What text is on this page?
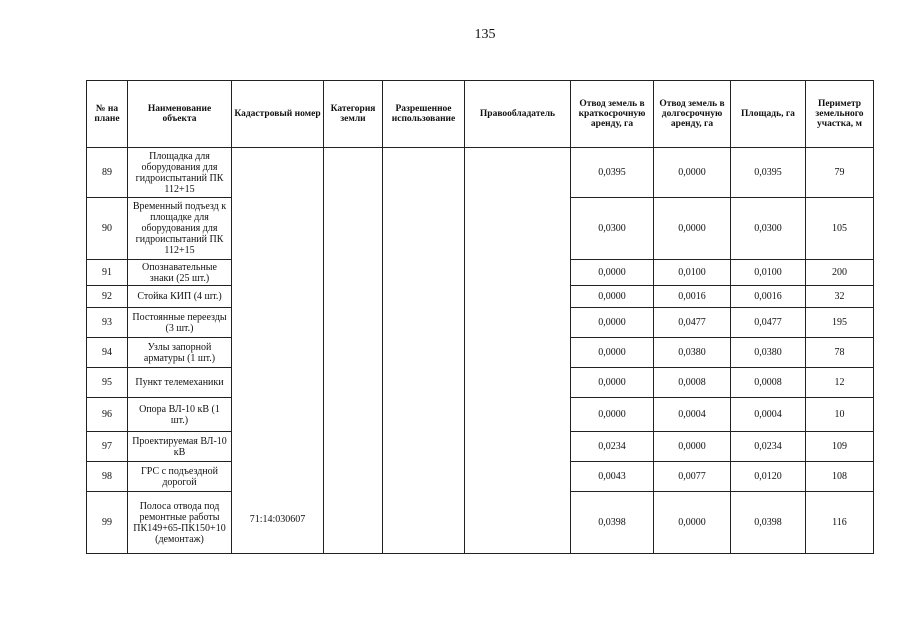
135
№ на плане	Наименование объекта	Кадастровый номер	Категория земли	Разрешенное использование	Правообладатель	Отвод земель в краткосрочную аренду, га	Отвод земель в долгосрочную аренду, га	Площадь, га	Периметр земельного участка, м
89	Площадка для оборудования для гидроиспытаний ПК 112+15	71:14:030607				0,0395	0,0000	0,0395	79
90	Временный подъезд к площадке для оборудования для гидроиспытаний ПК 112+15					0,0300	0,0000	0,0300	105
91	Опознавательные знаки (25 шт.)					0,0000	0,0100	0,0100	200
92	Стойка КИП (4 шт.)					0,0000	0,0016	0,0016	32
93	Постоянные переезды (3 шт.)					0,0000	0,0477	0,0477	195
94	Узлы запорной арматуры (1 шт.)					0,0000	0,0380	0,0380	78
95	Пункт телемеханики					0,0000	0,0008	0,0008	12
96	Опора ВЛ-10 кВ (1 шт.)					0,0000	0,0004	0,0004	10
97	Проектируемая ВЛ-10 кВ					0,0234	0,0000	0,0234	109
98	ГРС с подъездной дорогой					0,0043	0,0077	0,0120	108
99	Полоса отвода под ремонтные работы ПК149+65-ПК150+10 (демонтаж)					0,0398	0,0000	0,0398	116
